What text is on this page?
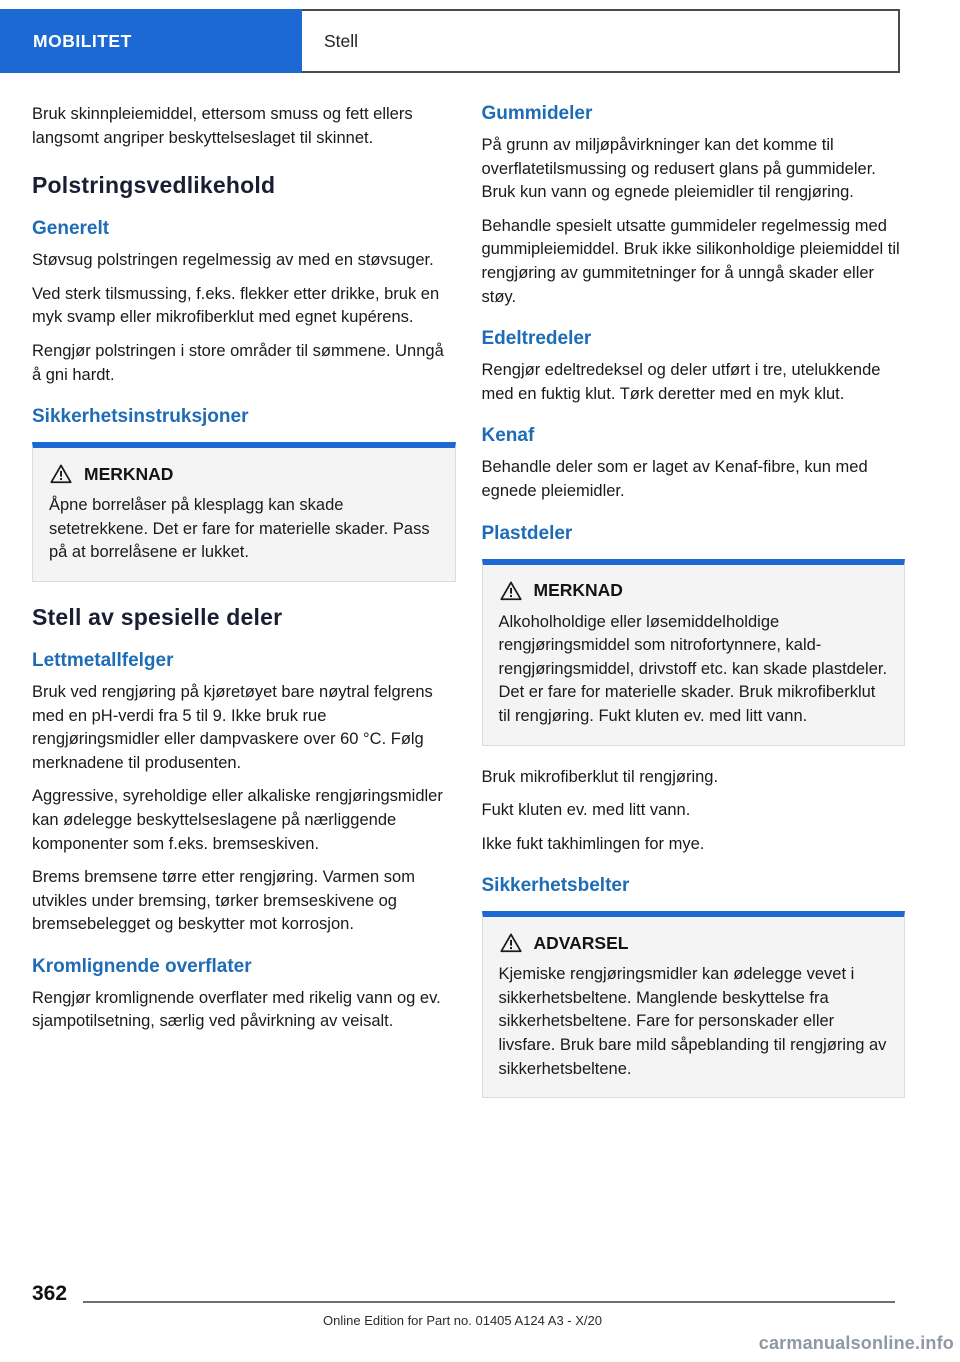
MOBILITET	Stell

Bruk skinnpleiemiddel, ettersom smuss og fett ellers langsomt angriper beskyttelseslaget til skinnet.

Polstringsvedlikehold
Generelt

Støvsug polstringen regelmessig av med en støvsuger.

Ved sterk tilsmussing, f.eks. flekker etter drikke, bruk en myk svamp eller mikrofiberklut med egnet kupérens.

Rengjør polstringen i store områder til sømmene. Unngå å gni hardt.

Sikkerhetsinstruksjoner
MERKNAD

Åpne borrelåser på klesplagg kan skade setetrekkene. Det er fare for materielle skader. Pass på at borrelåsene er lukket.

Stell av spesielle deler
Lettmetallfelger

Bruk ved rengjøring på kjøretøyet bare nøytral felgrens med en pH-verdi fra 5 til 9. Ikke bruk rue rengjøringsmidler eller dampvaskere over 60 °C. Følg merknadene til produsenten.

Aggressive, syreholdige eller alkaliske rengjøringsmidler kan ødelegge beskyttelseslagene på nærliggende komponenter som f.eks. bremseskiven.

Brems bremsene tørre etter rengjøring. Varmen som utvikles under bremsing, tørker bremseskivene og bremsebelegget og beskytter mot korrosjon.

Kromlignende overflater

Rengjør kromlignende overflater med rikelig vann og ev. sjampotilsetning, særlig ved påvirkning av veisalt.

Gummideler

På grunn av miljøpåvirkninger kan det komme til overflatetilsmussing og redusert glans på gummideler. Bruk kun vann og egnede pleiemidler til rengjøring.

Behandle spesielt utsatte gummideler regelmessig med gummipleiemiddel. Bruk ikke silikonholdige pleiemiddel til rengjøring av gummitetninger for å unngå skader eller støy.

Edeltredeler

Rengjør edeltredeksel og deler utført i tre, utelukkende med en fuktig klut. Tørk deretter med en myk klut.

Kenaf

Behandle deler som er laget av Kenaf-fibre, kun med egnede pleiemidler.

Plastdeler
MERKNAD

Alkoholholdige eller løsemiddelholdige rengjøringsmiddel som nitrofortynnere, kald-rengjøringsmiddel, drivstoff etc. kan skade plastdeler. Det er fare for materielle skader. Bruk mikrofiberklut til rengjøring. Fukt kluten ev. med litt vann.

Bruk mikrofiberklut til rengjøring.

Fukt kluten ev. med litt vann.

Ikke fukt takhimlingen for mye.

Sikkerhetsbelter
ADVARSEL

Kjemiske rengjøringsmidler kan ødelegge vevet i sikkerhetsbeltene. Manglende beskyttelse fra sikkerhetsbeltene. Fare for personskader eller livsfare. Bruk bare mild såpeblanding til rengjøring av sikkerhetsbeltene.

362
Online Edition for Part no. 01405 A124 A3 - X/20
carmanualsonline.info
